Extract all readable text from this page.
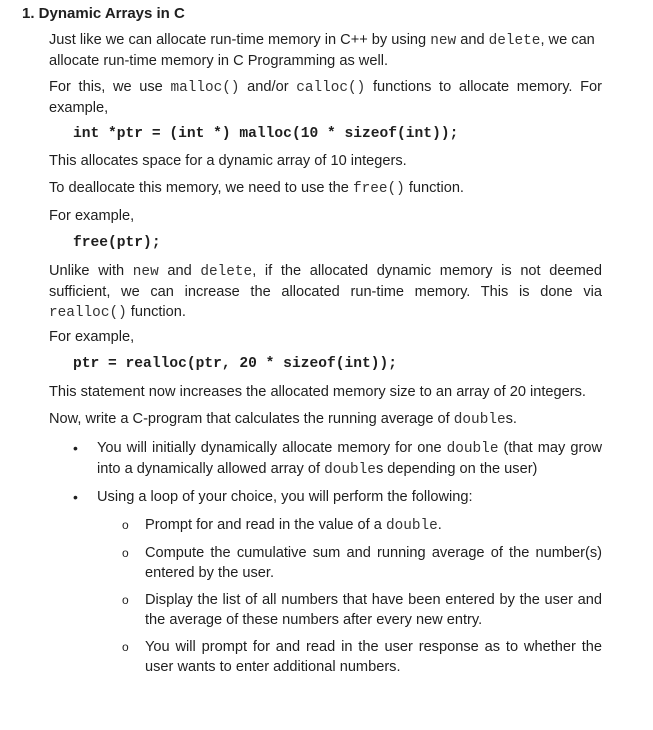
1. Dynamic Arrays in C
Just like we can allocate run-time memory in C++ by using new and delete, we can allocate run-time memory in C Programming as well.
For this, we use malloc() and/or calloc() functions to allocate memory. For example,
int *ptr = (int *) malloc(10 * sizeof(int));
This allocates space for a dynamic array of 10 integers.
To deallocate this memory, we need to use the free() function.
For example,
free(ptr);
Unlike with new and delete, if the allocated dynamic memory is not deemed sufficient, we can increase the allocated run-time memory. This is done via realloc() function.
For example,
ptr = realloc(ptr, 20 * sizeof(int));
This statement now increases the allocated memory size to an array of 20 integers.
Now, write a C-program that calculates the running average of doubles.
• You will initially dynamically allocate memory for one double (that may grow into a dynamically allowed array of doubles depending on the user)
• Using a loop of your choice, you will perform the following:
o Prompt for and read in the value of a double.
o Compute the cumulative sum and running average of the number(s) entered by the user.
o Display the list of all numbers that have been entered by the user and the average of these numbers after every new entry.
o You will prompt for and read in the user response as to whether the user wants to enter additional numbers.
